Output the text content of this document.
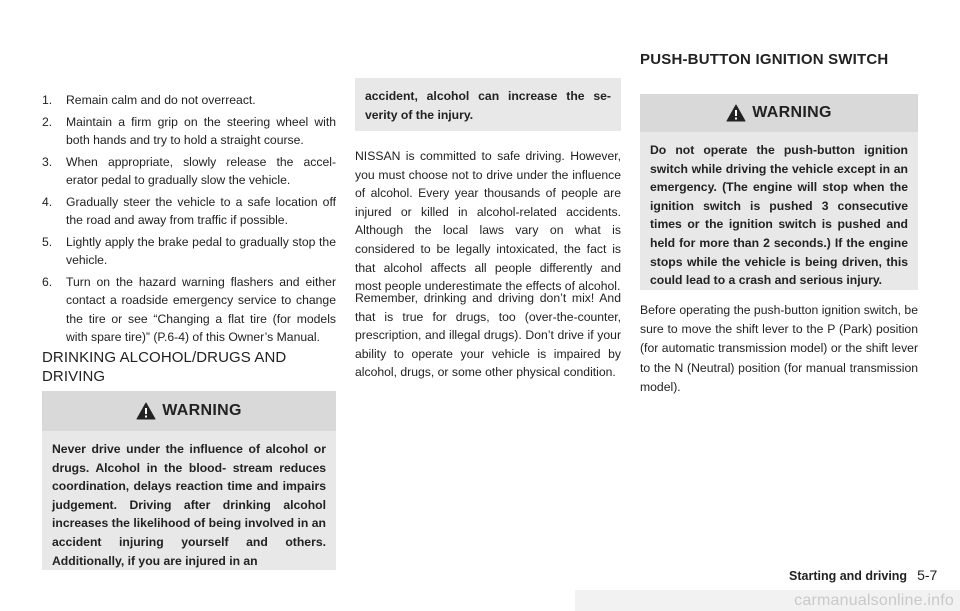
1.	Remain calm and do not overreact.
2.	Maintain a firm grip on the steering wheel with both hands and try to hold a straight course.
3.	When appropriate, slowly release the accel- erator pedal to gradually slow the vehicle.
4.	Gradually steer the vehicle to a safe location off the road and away from traffic if possible.
5.	Lightly apply the brake pedal to gradually stop the vehicle.
6.	Turn on the hazard warning flashers and either contact a roadside emergency service to change the tire or see “Changing a flat tire (for models with spare tire)” (P.6-4) of this Owner’s Manual.
DRINKING ALCOHOL/DRUGS AND DRIVING
WARNING
Never drive under the influence of alcohol or drugs. Alcohol in the blood- stream reduces coordination, delays reaction time and impairs judgement. Driving after drinking alcohol increases the likelihood of being involved in an accident injuring yourself and others. Additionally, if you are injured in an
accident, alcohol can increase the se- verity of the injury.

NISSAN is committed to safe driving. However, you must choose not to drive under the influence of alcohol. Every year thousands of people are injured or killed in alcohol-related accidents. Although the local laws vary on what is considered to be legally intoxicated, the fact is that alcohol affects all people differently and most people underestimate the effects of alcohol.

Remember, drinking and driving don’t mix! And that is true for drugs, too (over-the-counter, prescription, and illegal drugs). Don’t drive if your ability to operate your vehicle is impaired by alcohol, drugs, or some other physical condition.

PUSH-BUTTON IGNITION SWITCH
WARNING
Do not operate the push-button ignition switch while driving the vehicle except in an emergency. (The engine will stop when the ignition switch is pushed 3 consecutive times or the ignition switch is pushed and held for more than 2 seconds.) If the engine stops while the vehicle is being driven, this could lead to a crash and serious injury.

Before operating the push-button ignition switch, be sure to move the shift lever to the P (Park) position (for automatic transmission model) or the shift lever to the N (Neutral) position (for manual transmission model).

Starting and driving 5-7
carmanualsonline.info
